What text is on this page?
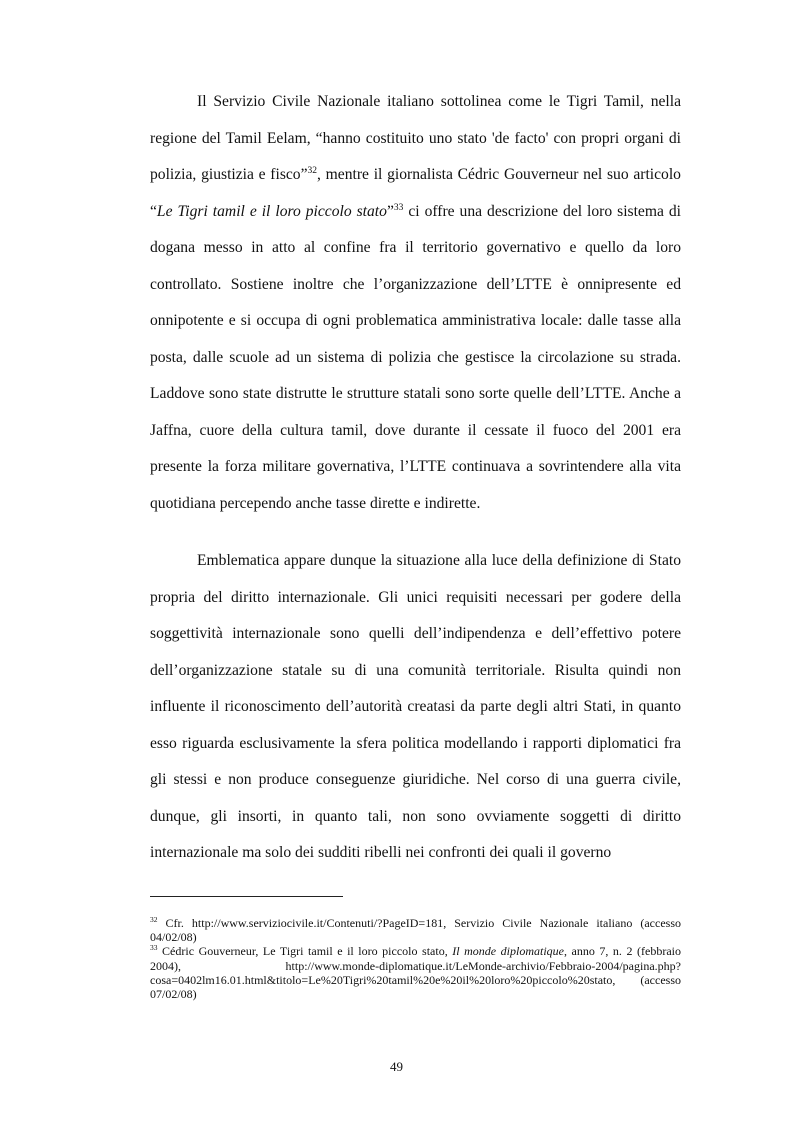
Il Servizio Civile Nazionale italiano sottolinea come le Tigri Tamil, nella regione del Tamil Eelam, “hanno costituito uno stato 'de facto' con propri organi di polizia, giustizia e fisco”$^{32}$, mentre il giornalista Cédric Gouverneur nel suo articolo “Le Tigri tamil e il loro piccolo stato”$^{33}$ ci offre una descrizione del loro sistema di dogana messo in atto al confine fra il territorio governativo e quello da loro controllato. Sostiene inoltre che l’organizzazione dell’LTTE è onnipresente ed onnipotente e si occupa di ogni problematica amministrativa locale: dalle tasse alla posta, dalle scuole ad un sistema di polizia che gestisce la circolazione su strada. Laddove sono state distrutte le strutture statali sono sorte quelle dell’LTTE. Anche a Jaffna, cuore della cultura tamil, dove durante il cessate il fuoco del 2001 era presente la forza militare governativa, l’LTTE continuava a sovrintendere alla vita quotidiana percependo anche tasse dirette e indirette.

Emblematica appare dunque la situazione alla luce della definizione di Stato propria del diritto internazionale. Gli unici requisiti necessari per godere della soggettività internazionale sono quelli dell’indipendenza e dell’effettivo potere dell’organizzazione statale su di una comunità territoriale. Risulta quindi non influente il riconoscimento dell’autorità creatasi da parte degli altri Stati, in quanto esso riguarda esclusivamente la sfera politica modellando i rapporti diplomatici fra gli stessi e non produce conseguenze giuridiche. Nel corso di una guerra civile, dunque, gli insorti, in quanto tali, non sono ovviamente soggetti di diritto internazionale ma solo dei sudditi ribelli nei confronti dei quali il governo

$^{32}$ Cfr. http://www.serviziocivile.it/Contenuti/?PageID=181, Servizio Civile Nazionale italiano (accesso 04/02/08)

$^{33}$ Cédric Gouverneur, Le Tigri tamil e il loro piccolo stato, Il monde diplomatique, anno 7, n. 2 (febbraio 2004), http://www.monde-diplomatique.it/LeMonde-archivio/Febbraio-2004/pagina.php?cosa=0402lm16.01.html&titolo=Le%20Tigri%20tamil%20e%20il%20loro%20piccolo%20stato, (accesso 07/02/08)

49
